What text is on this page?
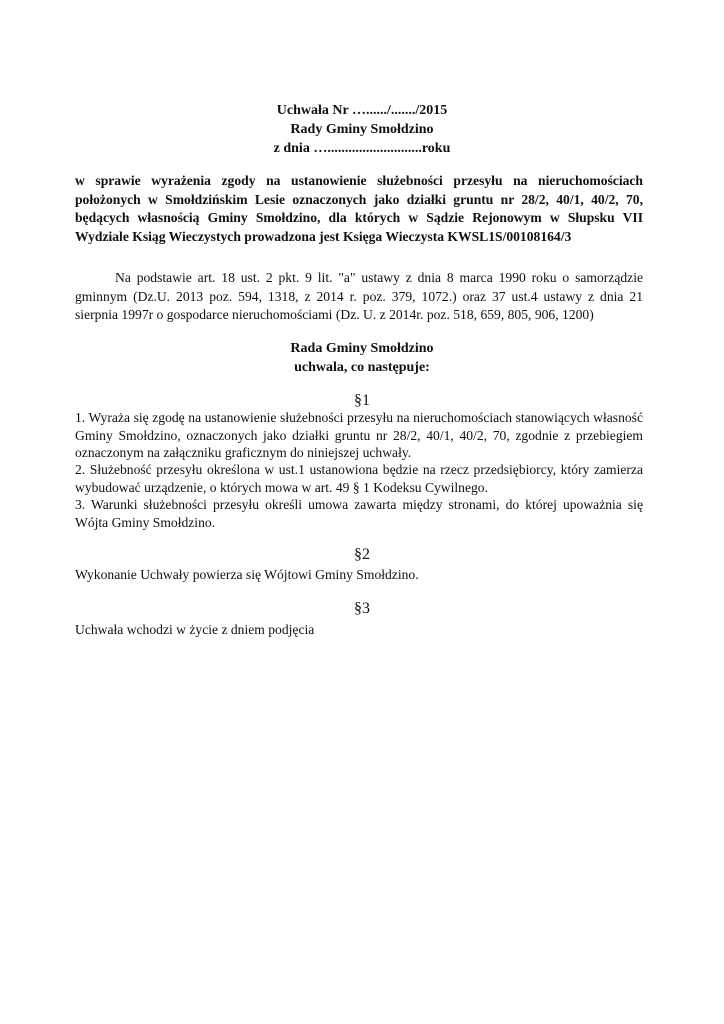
Uchwała Nr …....../......./2015
Rady Gminy Smołdzino
z dnia …...........................roku
w sprawie wyrażenia zgody na ustanowienie służebności przesyłu na nieruchomościach położonych w Smołdzińskim Lesie oznaczonych jako działki gruntu nr 28/2, 40/1, 40/2, 70, będących własnością Gminy Smołdzino, dla których w Sądzie Rejonowym w Słupsku VII Wydziale Ksiąg Wieczystych prowadzona jest Księga Wieczysta KWSL1S/00108164/3
Na podstawie art. 18 ust. 2 pkt. 9 lit. "a" ustawy z dnia 8 marca 1990 roku o samorządzie gminnym (Dz.U. 2013 poz. 594, 1318, z 2014 r. poz. 379, 1072.) oraz 37 ust.4 ustawy z dnia 21 sierpnia 1997r o gospodarce nieruchomościami (Dz. U. z 2014r. poz. 518, 659, 805, 906, 1200)
Rada Gminy Smołdzino
uchwala, co następuje:
§1

1. Wyraża się zgodę na ustanowienie służebności przesyłu na nieruchomościach stanowiących własność Gminy Smołdzino, oznaczonych jako działki gruntu nr 28/2, 40/1, 40/2, 70, zgodnie z przebiegiem oznaczonym na załączniku graficznym do niniejszej uchwały.

2. Służebność przesyłu określona w ust.1 ustanowiona będzie na rzecz przedsiębiorcy, który zamierza wybudować urządzenie, o których mowa w art. 49 § 1 Kodeksu Cywilnego.

3. Warunki służebności przesyłu określi umowa zawarta między stronami, do której upoważnia się Wójta Gminy Smołdzino.

§2

Wykonanie Uchwały powierza się Wójtowi Gminy Smołdzino.

§3

Uchwała wchodzi w życie z dniem podjęcia
